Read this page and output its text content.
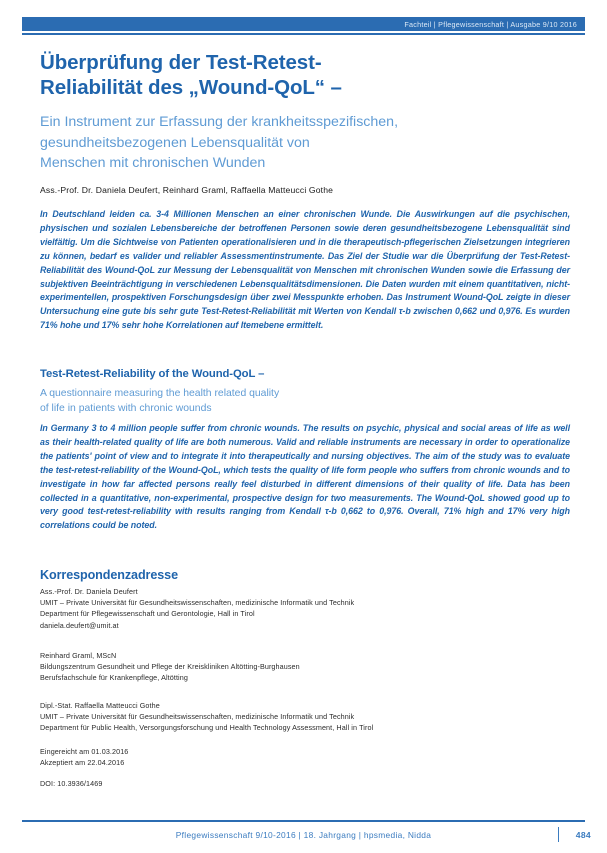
Fachteil | Pflegewissenschaft | Ausgabe 9/10 2016
Überprüfung der Test-Retest-
Reliabilität des „Wound-QoL“ –
Ein Instrument zur Erfassung der krankheitsspezifischen,
gesundheitsbezogenen Lebensqualität von
Menschen mit chronischen Wunden
Ass.-Prof. Dr. Daniela Deufert, Reinhard Graml, Raffaella Matteucci Gothe
In Deutschland leiden ca. 3-4 Millionen Menschen an einer chronischen Wunde. Die Auswirkungen auf die psychischen, physischen und sozialen Lebensbereiche der betroffenen Personen sowie deren gesundheitsbezogene Lebensqualität sind vielfältig. Um die Sichtweise von Patienten operationalisieren und in die therapeutisch-pflegerischen Zielsetzungen integrieren zu können, bedarf es valider und reliabler Assessmentinstrumente. Das Ziel der Studie war die Überprüfung der Test-Retest-Reliabilität des Wound-QoL zur Messung der Lebensqualität von Menschen mit chronischen Wunden sowie die Erfassung der subjektiven Beeinträchtigung in verschiedenen Lebensqualitätsdimensionen. Die Daten wurden mit einem quantitativen, nicht-experimentellen, prospektiven Forschungsdesign über zwei Messpunkte erhoben. Das Instrument Wound-QoL zeigte in dieser Untersuchung eine gute bis sehr gute Test-Retest-Reliabilität mit Werten von Kendall τ-b zwischen 0,662 und 0,976. Es wurden 71% hohe und 17% sehr hohe Korrelationen auf Itemebene ermittelt.
Test-Retest-Reliability of the Wound-QoL –
A questionnaire measuring the health related quality
of life in patients with chronic wounds
In Germany 3 to 4 million people suffer from chronic wounds. The results on psychic, physical and social areas of life as well as their health-related quality of life are both numerous. Valid and reliable instruments are necessary in order to operationalize the patients' point of view and to integrate it into therapeutically and nursing objectives. The aim of the study was to evaluate the test-retest-reliability of the Wound-QoL, which tests the quality of life form people who suffers from chronic wounds and to investigate in how far affected persons really feel disturbed in different dimensions of their quality of life. Data has been collected in a quantitative, non-experimental, prospective design for two measurements. The Wound-QoL showed good up to very good test-retest-reliability with results ranging from Kendall τ-b 0,662 to 0,976. Overall, 71% high and 17% very high correlations could be noted.
Korrespondenzadresse
Ass.-Prof. Dr. Daniela Deufert
UMIT – Private Universität für Gesundheitswissenschaften, medizinische Informatik und Technik
Department für Pflegewissenschaft und Gerontologie, Hall in Tirol
daniela.deufert@umit.at
Reinhard Graml, MScN
Bildungszentrum Gesundheit und Pflege der Kreiskliniken Altötting-Burghausen
Berufsfachschule für Krankenpflege, Altötting
Dipl.-Stat. Raffaella Matteucci Gothe
UMIT – Private Universität für Gesundheitswissenschaften, medizinische Informatik und Technik
Department für Public Health, Versorgungsforschung und Health Technology Assessment, Hall in Tirol
Eingereicht am 01.03.2016
Akzeptiert am 22.04.2016
DOI: 10.3936/1469
Pflegewissenschaft 9/10-2016 | 18. Jahrgang | hpsmedia, Nidda	484
